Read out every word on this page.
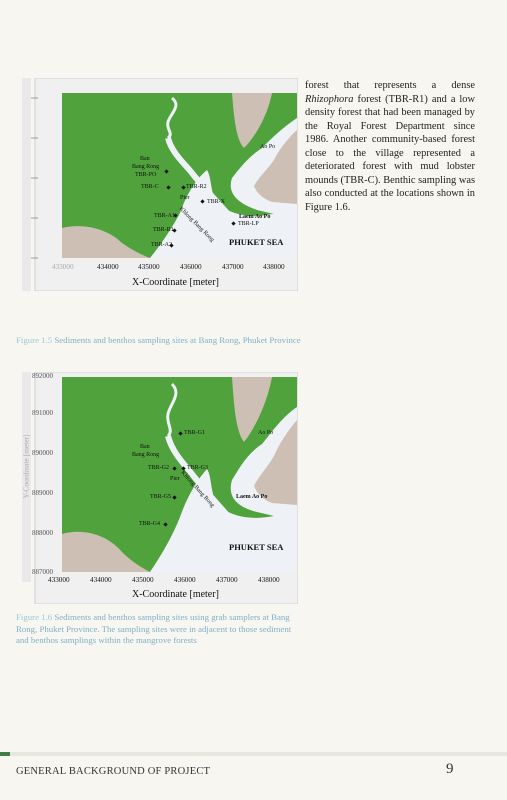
Ban
Bang Rong
TBR-PO
TBR-C	TBR-R2
Pier
TBR-X
TBR-A1
TBR-R1
TBR-A2
Khlong Bang Rong
Ao Po
Laem Ao Po
TBR-LP
PHUKET SEA
433000	434000	435000	436000	437000	438000
X-Coordinate [meter]
Figure 1.5 Sediments and benthos sampling sites at Bang Rong, Phuket Province
Y-Coordinate [meter]
892000
891000
890000
889000
888000
887000
TBR-G1
Ban
Bang Rong
TBR-G2	TBR-G3
Pier
TBR-G5
TBR-G4
Khlong Bang Rong
Ao Po
Laem Ao Po
PHUKET SEA
433000	434000	435000	436000	437000	438000
X-Coordinate [meter]
Figure 1.6 Sediments and benthos sampling sites using grab samplers at Bang Rong, Phuket Province. The sampling sites were in adjacent to those sediment and benthos samplings within the mangrove forests

forest that represents a dense Rhizophora forest (TBR-R1) and a low density forest that had been managed by the Royal Forest Department since 1986. Another community-based forest close to the village represented a deteriorated forest with mud lobster mounds (TBR-C). Benthic sampling was also conducted at the locations shown in Figure 1.6.

GENERAL BACKGROUND OF PROJECT	9
